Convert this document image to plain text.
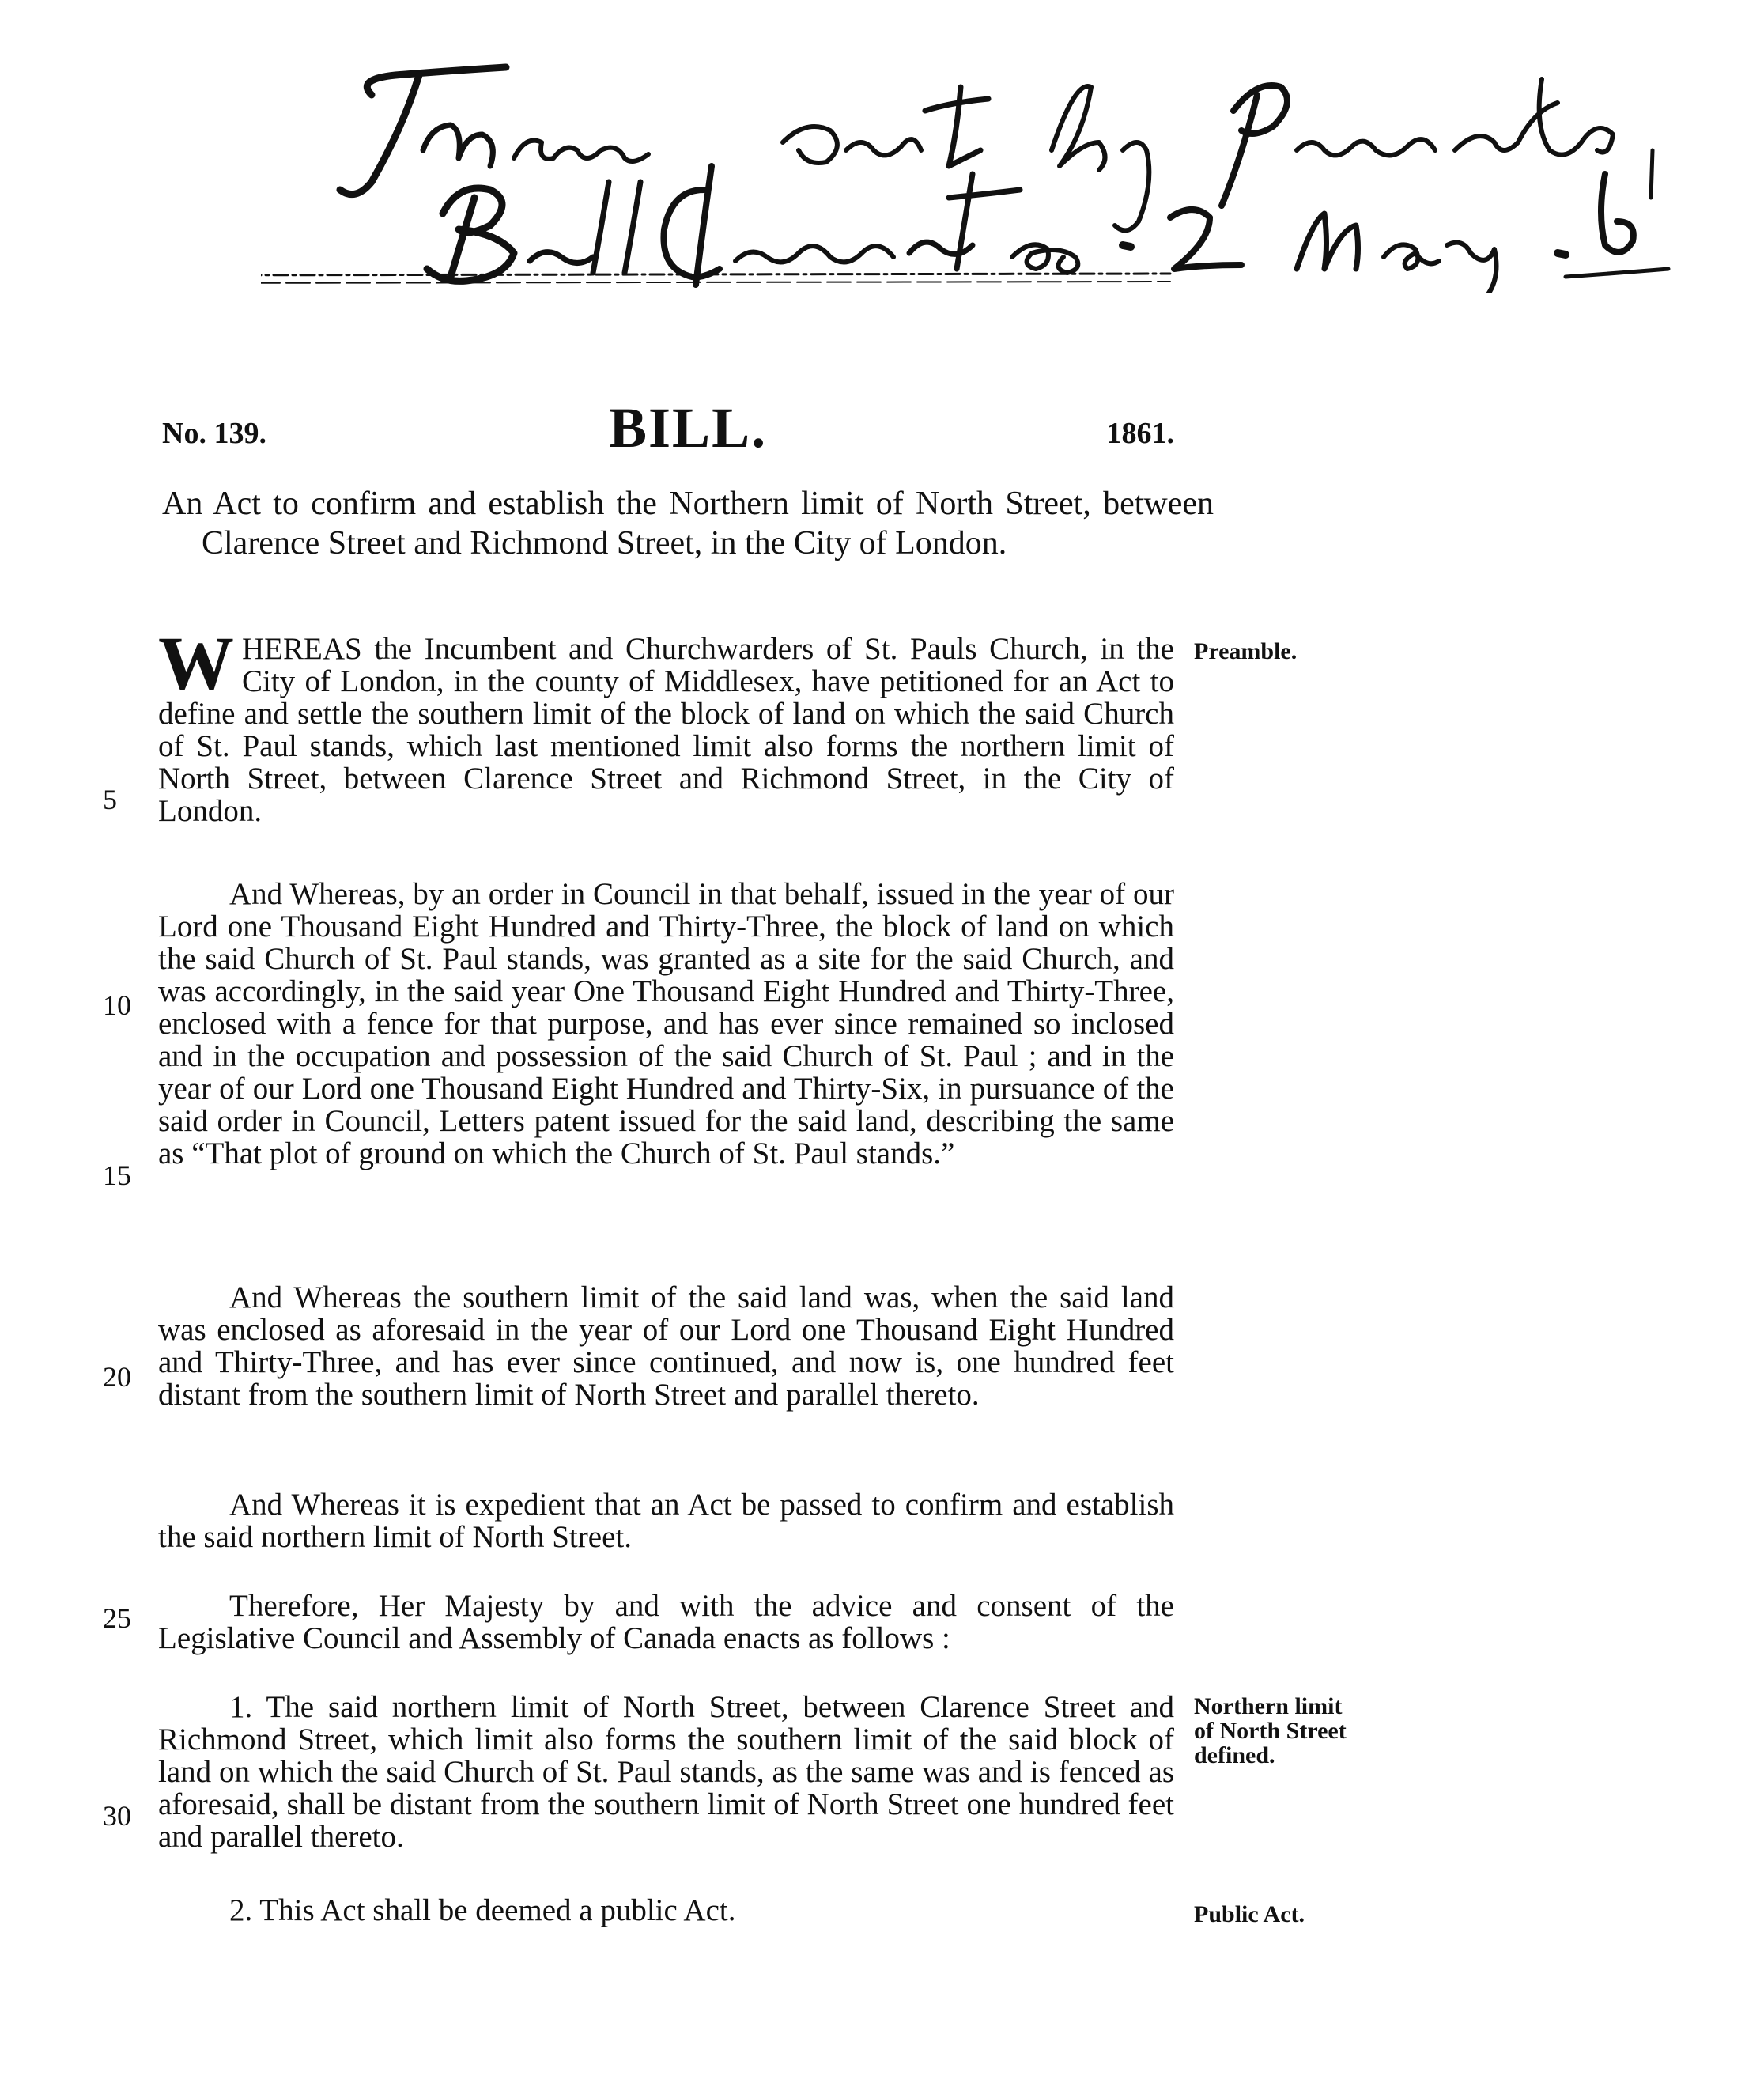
No. 139.	BILL.	1861.
An Act to confirm and establish the Northern limit of North Street, between Clarence Street and Richmond Street, in the City of London.
WHEREAS the Incumbent and Churchwarders of St. Pauls Church, in the City of London, in the county of Middlesex, have petitioned for an Act to define and settle the southern limit of the block of land on which the said Church of St. Paul stands, which last mentioned limit also forms the northern limit of North Street, between Clarence Street and Richmond Street, in the City of London.
And Whereas, by an order in Council in that behalf, issued in the year of our Lord one Thousand Eight Hundred and Thirty-Three, the block of land on which the said Church of St. Paul stands, was granted as a site for the said Church, and was accordingly, in the said year One Thousand Eight Hundred and Thirty-Three, enclosed with a fence for that purpose, and has ever since remained so inclosed and in the occupation and possession of the said Church of St. Paul ; and in the year of our Lord one Thousand Eight Hundred and Thirty-Six, in pursuance of the said order in Council, Letters patent issued for the said land, describing the same as “That plot of ground on which the Church of St. Paul stands.”
And Whereas the southern limit of the said land was, when the said land was enclosed as aforesaid in the year of our Lord one Thousand Eight Hundred and Thirty-Three, and has ever since continued, and now is, one hundred feet distant from the southern limit of North Street and parallel thereto.
And Whereas it is expedient that an Act be passed to confirm and establish the said northern limit of North Street.
Therefore, Her Majesty by and with the advice and consent of the Legislative Council and Assembly of Canada enacts as follows :
1. The said northern limit of North Street, between Clarence Street and Richmond Street, which limit also forms the southern limit of the said block of land on which the said Church of St. Paul stands, as the same was and is fenced as aforesaid, shall be distant from the southern limit of North Street one hundred feet and parallel thereto.
2. This Act shall be deemed a public Act.
5
10
15
20
25
30
Preamble.
Northern limit of North Street defined.
Public Act.
